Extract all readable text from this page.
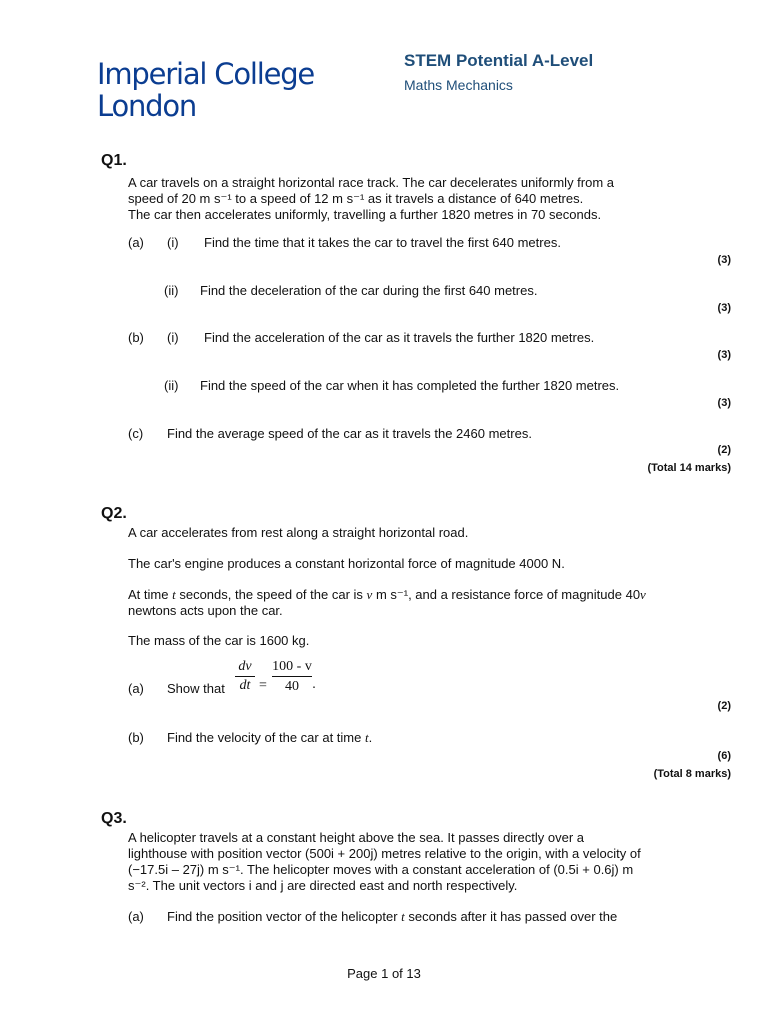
Imperial College
London
STEM Potential A-Level
Maths Mechanics
Q1.
A car travels on a straight horizontal race track. The car decelerates uniformly from a
speed of 20 m s⁻¹ to a speed of 12 m s⁻¹ as it travels a distance of 640 metres.
The car then accelerates uniformly, travelling a further 1820 metres in 70 seconds.
(a) (i) Find the time that it takes the car to travel the first 640 metres.
(3)
(ii) Find the deceleration of the car during the first 640 metres.
(3)
(b) (i) Find the acceleration of the car as it travels the further 1820 metres.
(3)
(ii) Find the speed of the car when it has completed the further 1820 metres.
(3)
(c) Find the average speed of the car as it travels the 2460 metres.
(2)
(Total 14 marks)
Q2.
A car accelerates from rest along a straight horizontal road.
The car's engine produces a constant horizontal force of magnitude 4000 N.
At time t seconds, the speed of the car is v m s⁻¹, and a resistance force of magnitude 40v
newtons acts upon the car.
The mass of the car is 1600 kg.
(a) Show that
dv
dt =
100 - v
40 .
(2)
(b) Find the velocity of the car at time t.
(6)
(Total 8 marks)
Q3.
A helicopter travels at a constant height above the sea. It passes directly over a
lighthouse with position vector (500i + 200j) metres relative to the origin, with a velocity of
(−17.5i – 27j) m s⁻¹. The helicopter moves with a constant acceleration of (0.5i + 0.6j) m
s⁻². The unit vectors i and j are directed east and north respectively.
(a) Find the position vector of the helicopter t seconds after it has passed over the
Page 1 of 13
